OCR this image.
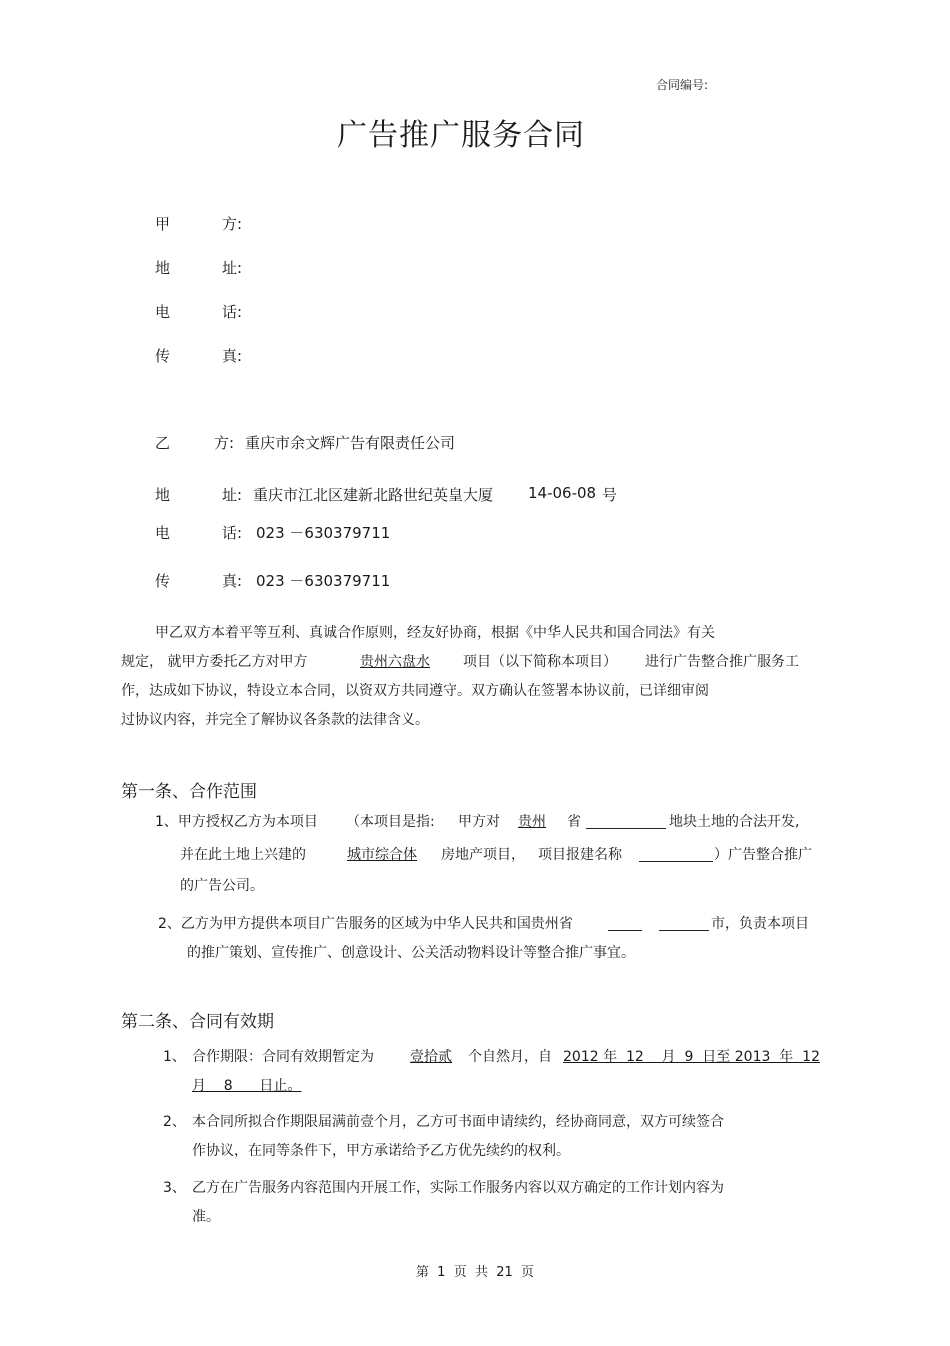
合同编号:
广告推广服务合同
甲	方:
地	址:
电	话:
传	真:
乙	方: 重庆市余文辉广告有限责任公司
地	址: 重庆市江北区建新北路世纪英皇大厦 14-06-08 号
电	话: 023 －630379711
传	真: 023 －630379711
甲乙双方本着平等互利、真诚合作原则，经友好协商，根据《中华人民共和国合同法》有关
规定， 就甲方委托乙方对甲方	贵州六盘水	项目（以下简称本项目） 进行广告整合推广服务工
作，达成如下协议，特设立本合同，以资双方共同遵守。双方确认在签署本协议前，已详细审阅
过协议内容，并完全了解协议各条款的法律含义。
第一条、合作范围
1、甲方授权乙方为本项目 （本项目是指: 甲方对	贵州	省	地块土地的合法开发,
并在此土地上兴建的	城市综合体	房地产项目， 项目报建名称	）广告整合推广
的广告公司。
2、乙方为甲方提供本项目广告服务的区域为中华人民共和国贵州省	市，负责本项目
的推广策划、宣传推广、创意设计、公关活动物料设计等整合推广事宜。
第二条、合同有效期
1、 合作期限：合同有效期暂定为	壹拾贰	个自然月，自 2012 年  12    月  9  日至 2013  年  12
月    8      日止。
2、 本合同所拟合作期限届满前壹个月，乙方可书面申请续约，经协商同意，双方可续签合
作协议，在同等条件下，甲方承诺给予乙方优先续约的权利。
3、 乙方在广告服务内容范围内开展工作，实际工作服务内容以双方确定的工作计划内容为
准。
第  1  页  共  21  页
